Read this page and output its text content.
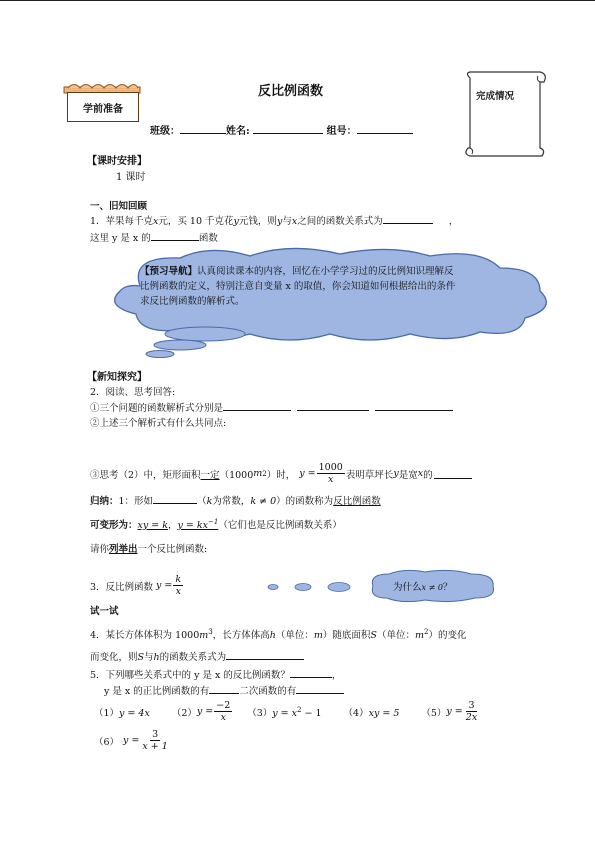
学前准备
反比例函数	完成情况
班级：	姓名:	组号：
【课时安排】
1 课时
一、旧知回顾
1．苹果每千克x元，买 10 千克花y元钱，则y与x之间的函数关系式为	，
这里 y 是 x 的	函数
【预习导航】认真阅读课本的内容，回忆在小学学习过的反比例知识理解反比例函数的定义，特别注意自变量 x 的取值，你会知道如何根据给出的条件求反比例函数的解析式。
【新知探究】
2．阅读、思考回答:
①三个问题的函数解析式分别是
②上述三个解析式有什么共同点:
③思考（2）中，矩形面积 一定 （1000 m 2 ）时， $y = \frac{1000}{x}$ 表明草坪长 y 是宽 x 的
归纳：1：形如	（k为常数，k ≠ 0）的函数称为反比例函数
可变形为：xy = k，$y = kx^{-1}$（它们也是反比例函数关系）
请你列举出一个反比例函数:
3．反比例函数 $y = \frac{k}{x}$	为什么x ≠ 0？
试一试
4．某长方体体积为 $1000m^3$，长方体体高h（单位：m）随底面积S（单位：$m^2$）的变化
而变化，则S与h的函数关系式为
5．下列哪些关系式中的 y 是 x 的反比例函数？	，
y 是 x 的正比例函数的有	二次函数的有
（1）y = 4x （2） $y = \frac{-2}{x} (3)y = x^2 - 1$ （4）xy = 5 （5） $y = \frac{3}{2x}$
（6） $y = \frac{3}{x + 1}$
